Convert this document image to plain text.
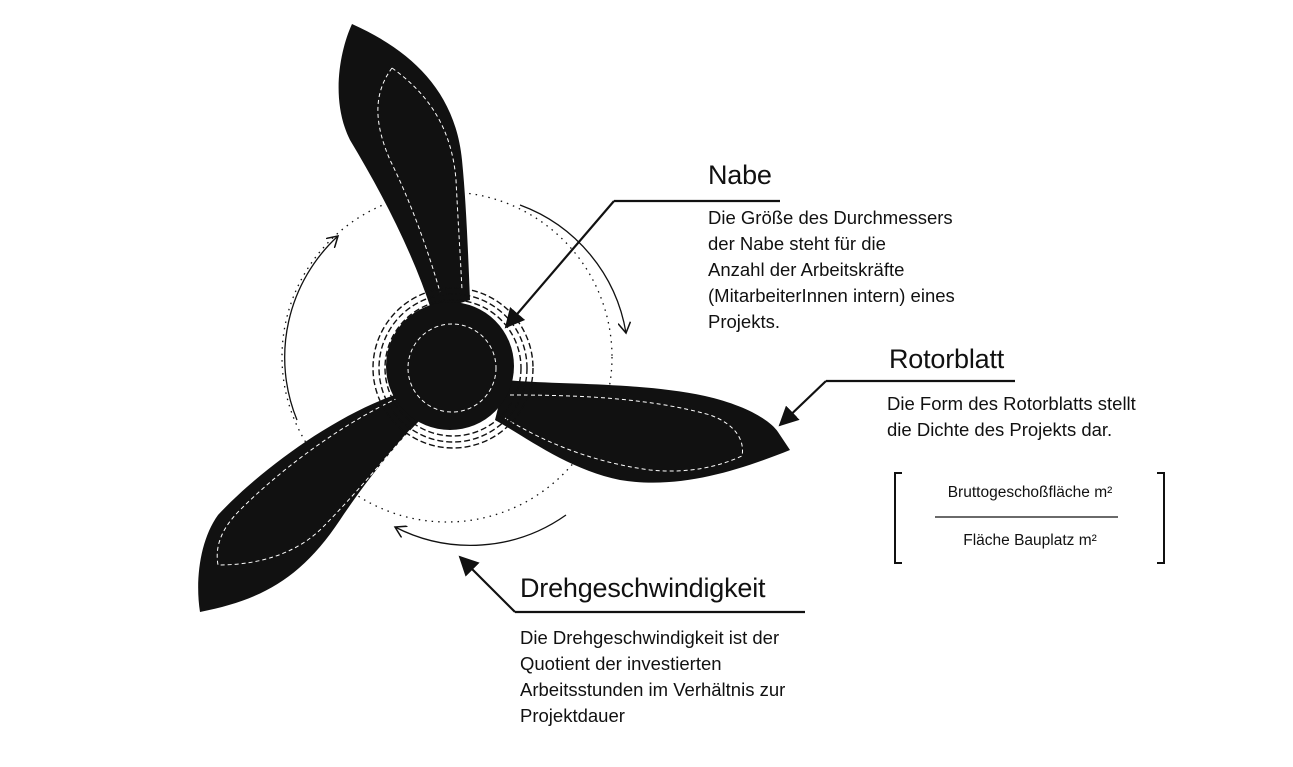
Nabe
Die Größe des Durchmessers
der Nabe steht für die
Anzahl der Arbeitskräfte
(MitarbeiterInnen intern) eines
Projekts.
Rotorblatt
Die Form des Rotorblatts stellt
die Dichte des Projekts dar.
Bruttogeschoßfläche m²
Fläche Bauplatz m²
Drehgeschwindigkeit
Die Drehgeschwindigkeit ist der
Quotient der investierten
Arbeitsstunden im Verhältnis zur
Projektdauer
